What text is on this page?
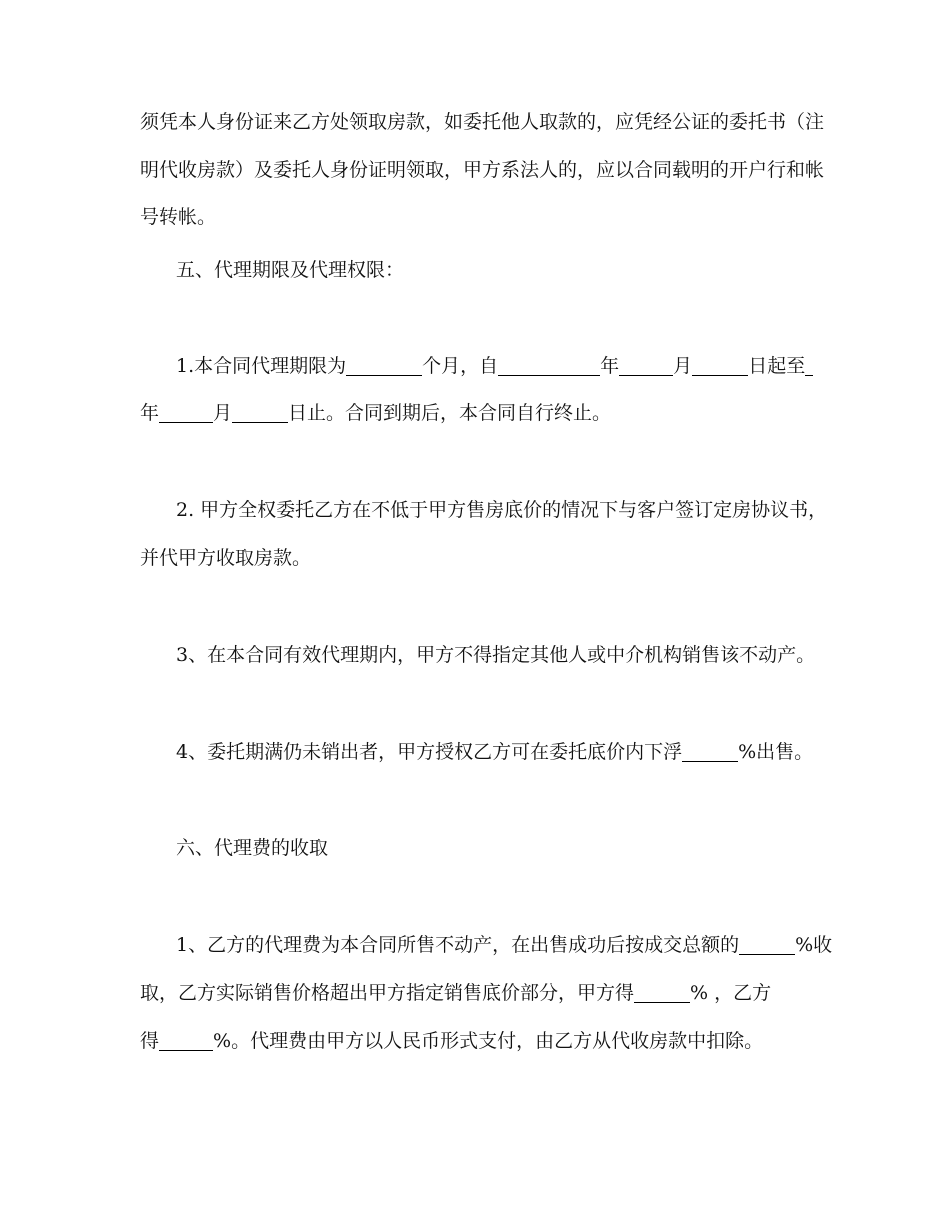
须凭本人身份证来乙方处领取房款，如委托他人取款的，应凭经公证的委托书（注
明代收房款）及委托人身份证明领取，甲方系法人的，应以合同载明的开户行和帐
号转帐。
五、代理期限及代理权限：
1.本合同代理期限为	个月，自	年	月	日起至
年	月	日止。合同到期后，本合同自行终止。
2. 甲方全权委托乙方在不低于甲方售房底价的情况下与客户签订定房协议书，
并代甲方收取房款。
3、在本合同有效代理期内，甲方不得指定其他人或中介机构销售该不动产。
4、委托期满仍未销出者，甲方授权乙方可在委托底价内下浮	%出售。
六、代理费的收取
1、乙方的代理费为本合同所售不动产，在出售成功后按成交总额的	%收
取，乙方实际销售价格超出甲方指定销售底价部分，甲方得	% ，乙方
得	%。代理费由甲方以人民币形式支付，由乙方从代收房款中扣除。
